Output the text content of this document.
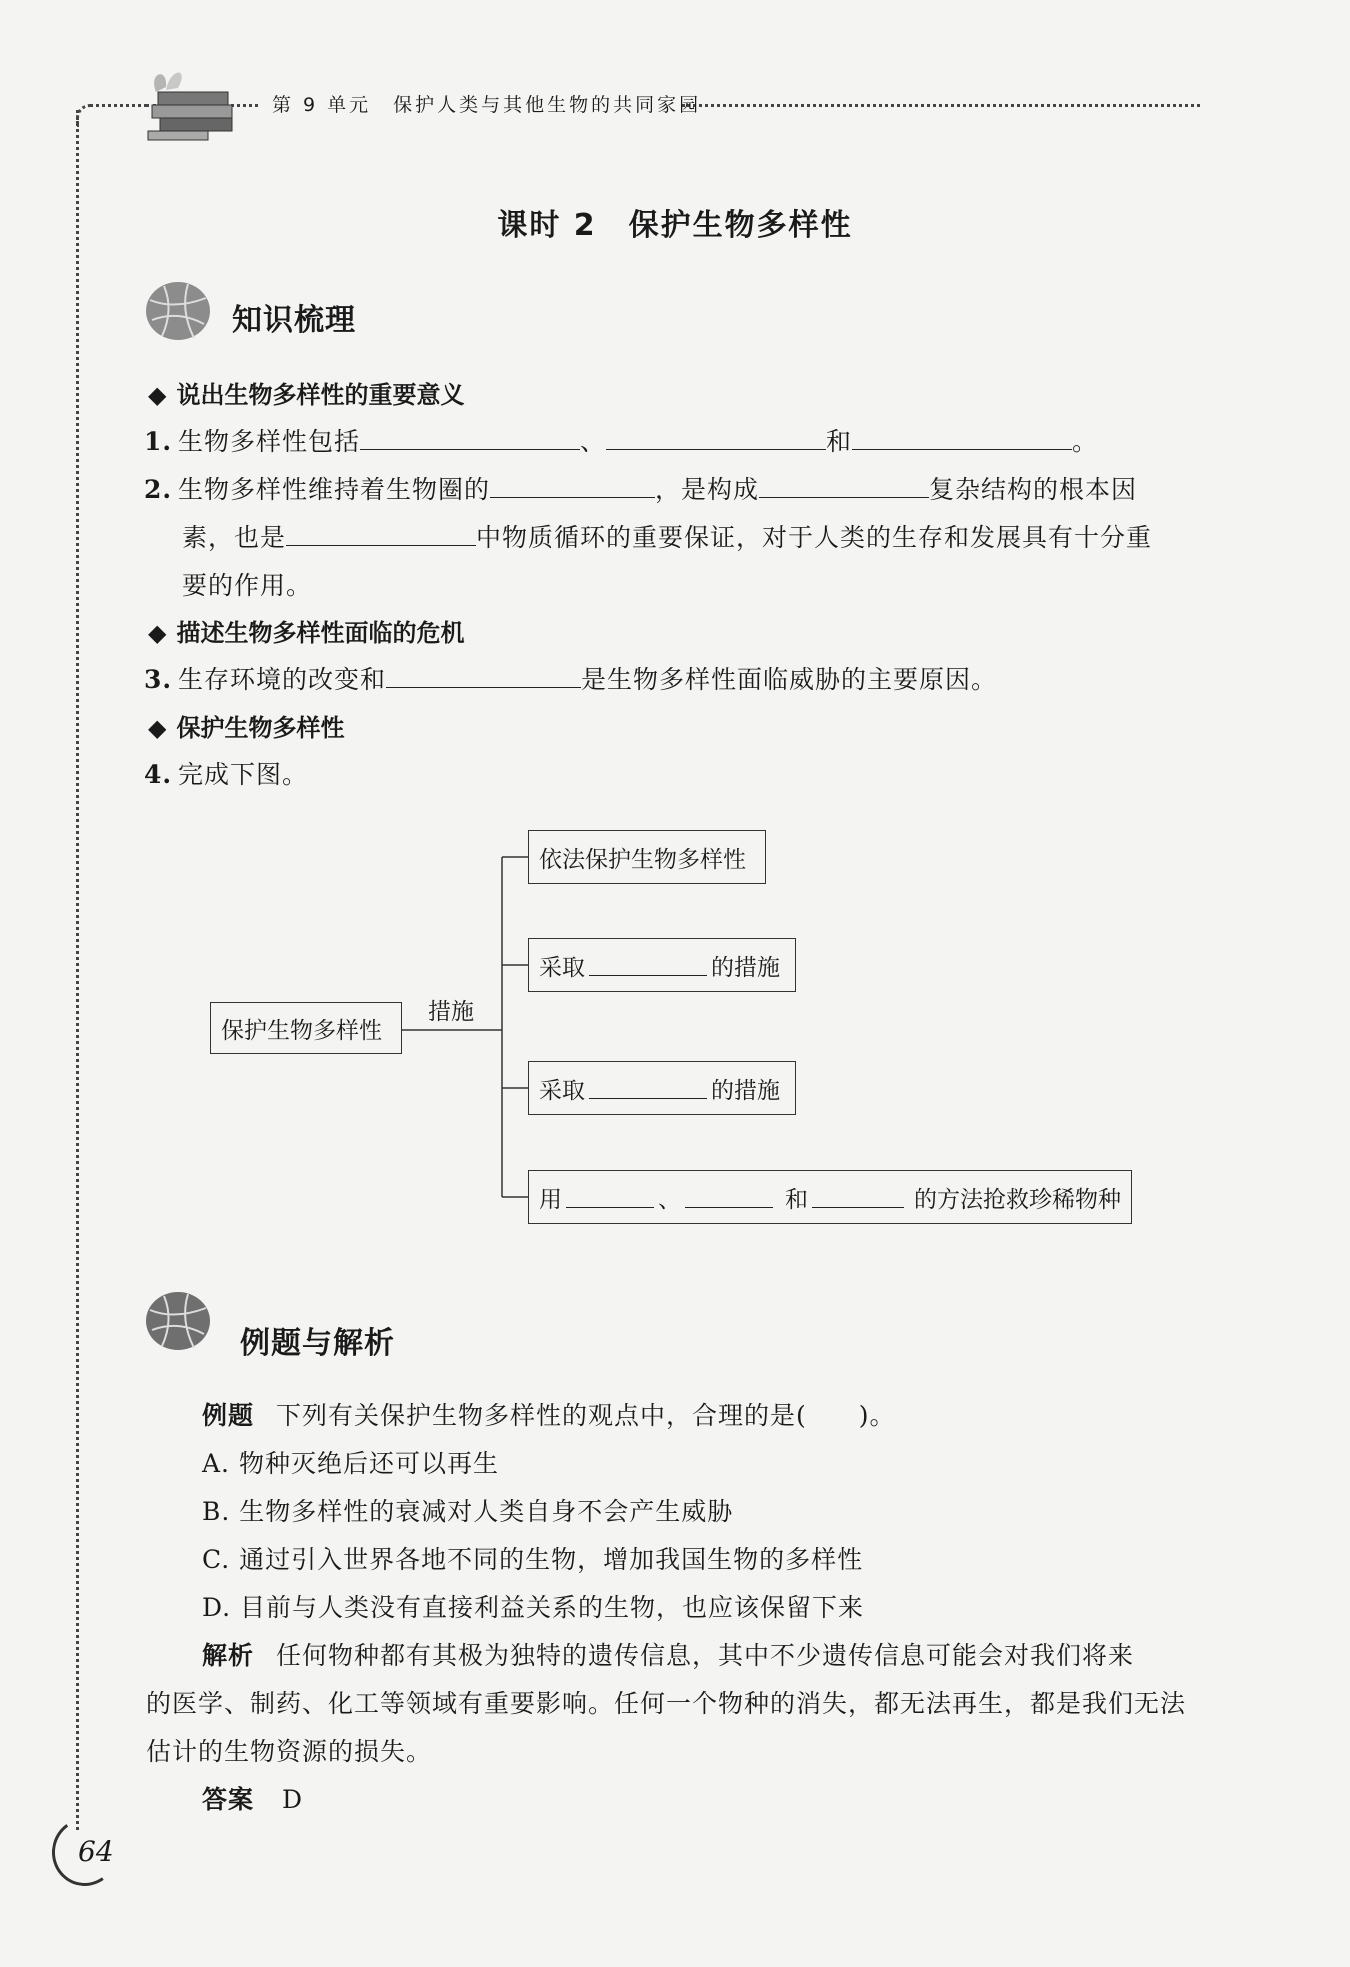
第 9 单元　保护人类与其他生物的共同家园
课时 2　保护生物多样性
知识梳理
◆ 说出生物多样性的重要意义
1. 生物多样性包括	、	和	。
2. 生物多样性维持着生物圈的	，是构成	复杂结构的根本因
素，也是	中物质循环的重要保证，对于人类的生存和发展具有十分重
要的作用。
◆ 描述生物多样性面临的危机
3. 生存环境的改变和	是生物多样性面临威胁的主要原因。
◆ 保护生物多样性
4. 完成下图。
保护生物多样性
措施
依法保护生物多样性
采取	的措施
采取	的措施
用	、	和	的方法抢救珍稀物种
例题与解析
例题 下列有关保护生物多样性的观点中，合理的是(　　)。
A. 物种灭绝后还可以再生
B. 生物多样性的衰减对人类自身不会产生威胁
C. 通过引入世界各地不同的生物，增加我国生物的多样性
D. 目前与人类没有直接利益关系的生物，也应该保留下来
解析 任何物种都有其极为独特的遗传信息，其中不少遗传信息可能会对我们将来
的医学、制药、化工等领域有重要影响。任何一个物种的消失，都无法再生，都是我们无法
估计的生物资源的损失。
答案 D
64
